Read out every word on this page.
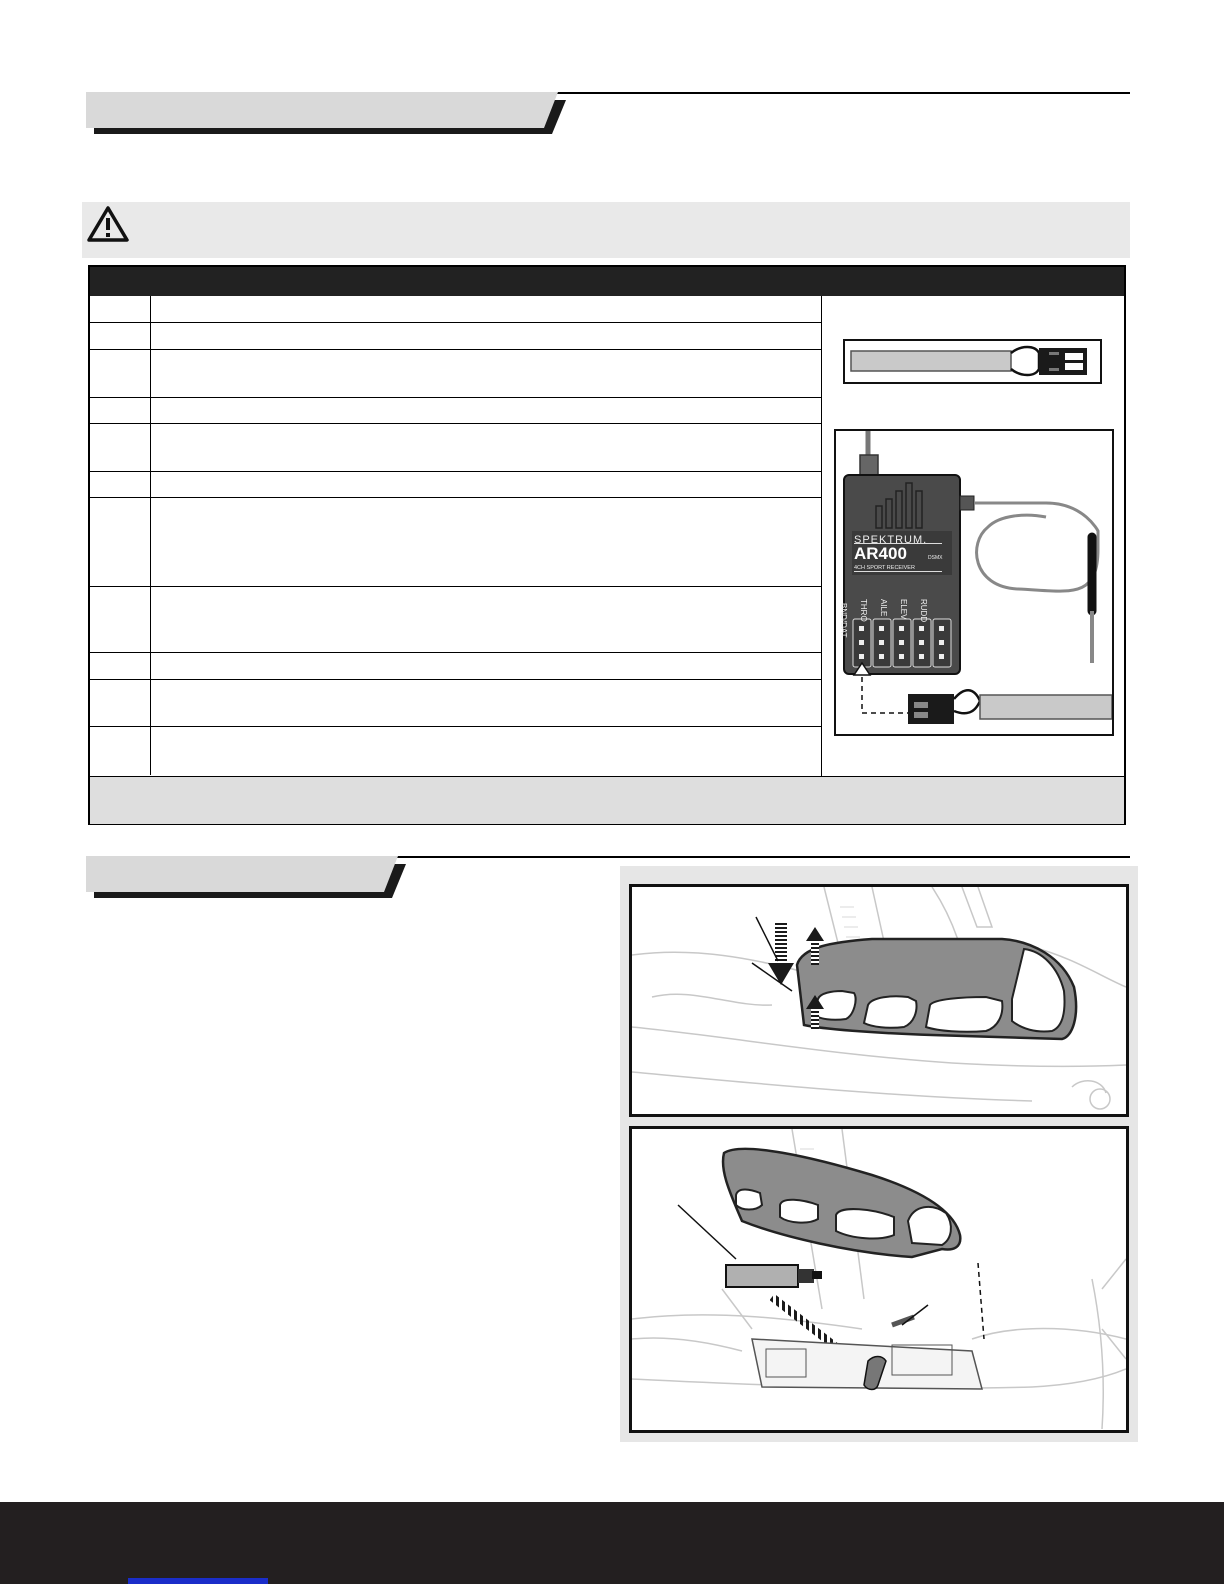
SPEKTRUM.
AR400	DSMX
4CH SPORT RECEIVER
BND/DAT THRO AILE ELEV RUDD
